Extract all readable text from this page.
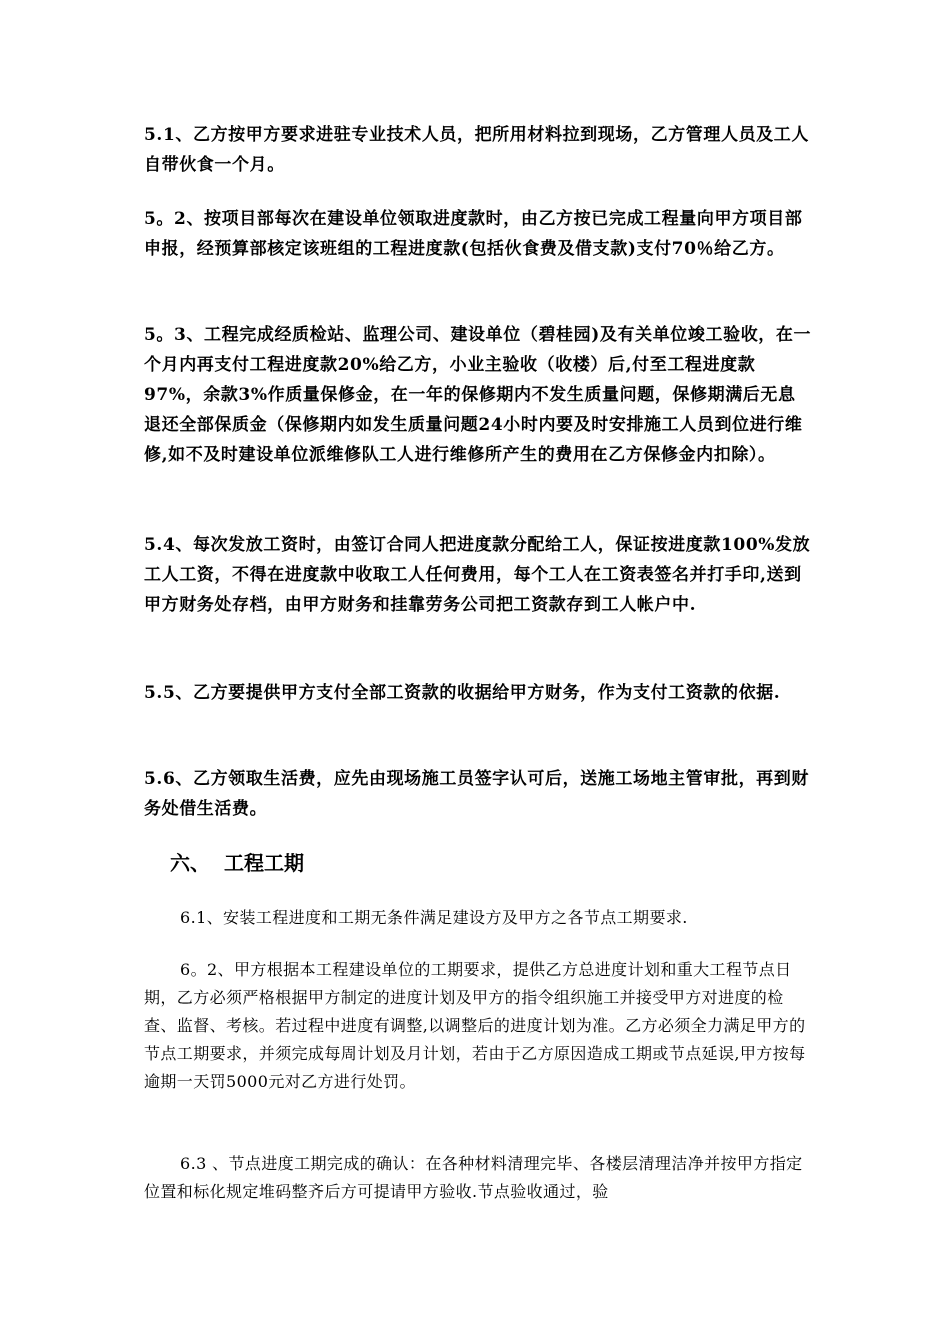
5.1、乙方按甲方要求进驻专业技术人员，把所用材料拉到现场，乙方管理人员及工人自带伙食一个月。

5。2、按项目部每次在建设单位领取进度款时，由乙方按已完成工程量向甲方项目部申报，经预算部核定该班组的工程进度款(包括伙食费及借支款)支付70％给乙方。

5。3、工程完成经质检站、监理公司、建设单位（碧桂园)及有关单位竣工验收，在一个月内再支付工程进度款20%给乙方，小业主验收（收楼）后,付至工程进度款97%，余款3%作质量保修金，在一年的保修期内不发生质量问题，保修期满后无息退还全部保质金（保修期内如发生质量问题24小时内要及时安排施工人员到位进行维修,如不及时建设单位派维修队工人进行维修所产生的费用在乙方保修金内扣除）。

5.4、每次发放工资时，由签订合同人把进度款分配给工人，保证按进度款100%发放工人工资，不得在进度款中收取工人任何费用，每个工人在工资表签名并打手印,送到甲方财务处存档，由甲方财务和挂靠劳务公司把工资款存到工人帐户中.

5.5、乙方要提供甲方支付全部工资款的收据给甲方财务，作为支付工资款的依据.

5.6、乙方领取生活费，应先由现场施工员签字认可后，送施工场地主管审批，再到财务处借生活费。

六、 工程工期

6.1、安装工程进度和工期无条件满足建设方及甲方之各节点工期要求.

6。2、甲方根据本工程建设单位的工期要求，提供乙方总进度计划和重大工程节点日期，乙方必须严格根据甲方制定的进度计划及甲方的指令组织施工并接受甲方对进度的检查、监督、考核。若过程中进度有调整,以调整后的进度计划为准。乙方必须全力满足甲方的节点工期要求，并须完成每周计划及月计划，若由于乙方原因造成工期或节点延误,甲方按每逾期一天罚5000元对乙方进行处罚。

6.3 、节点进度工期完成的确认：在各种材料清理完毕、各楼层清理洁净并按甲方指定位置和标化规定堆码整齐后方可提请甲方验收.节点验收通过，验
